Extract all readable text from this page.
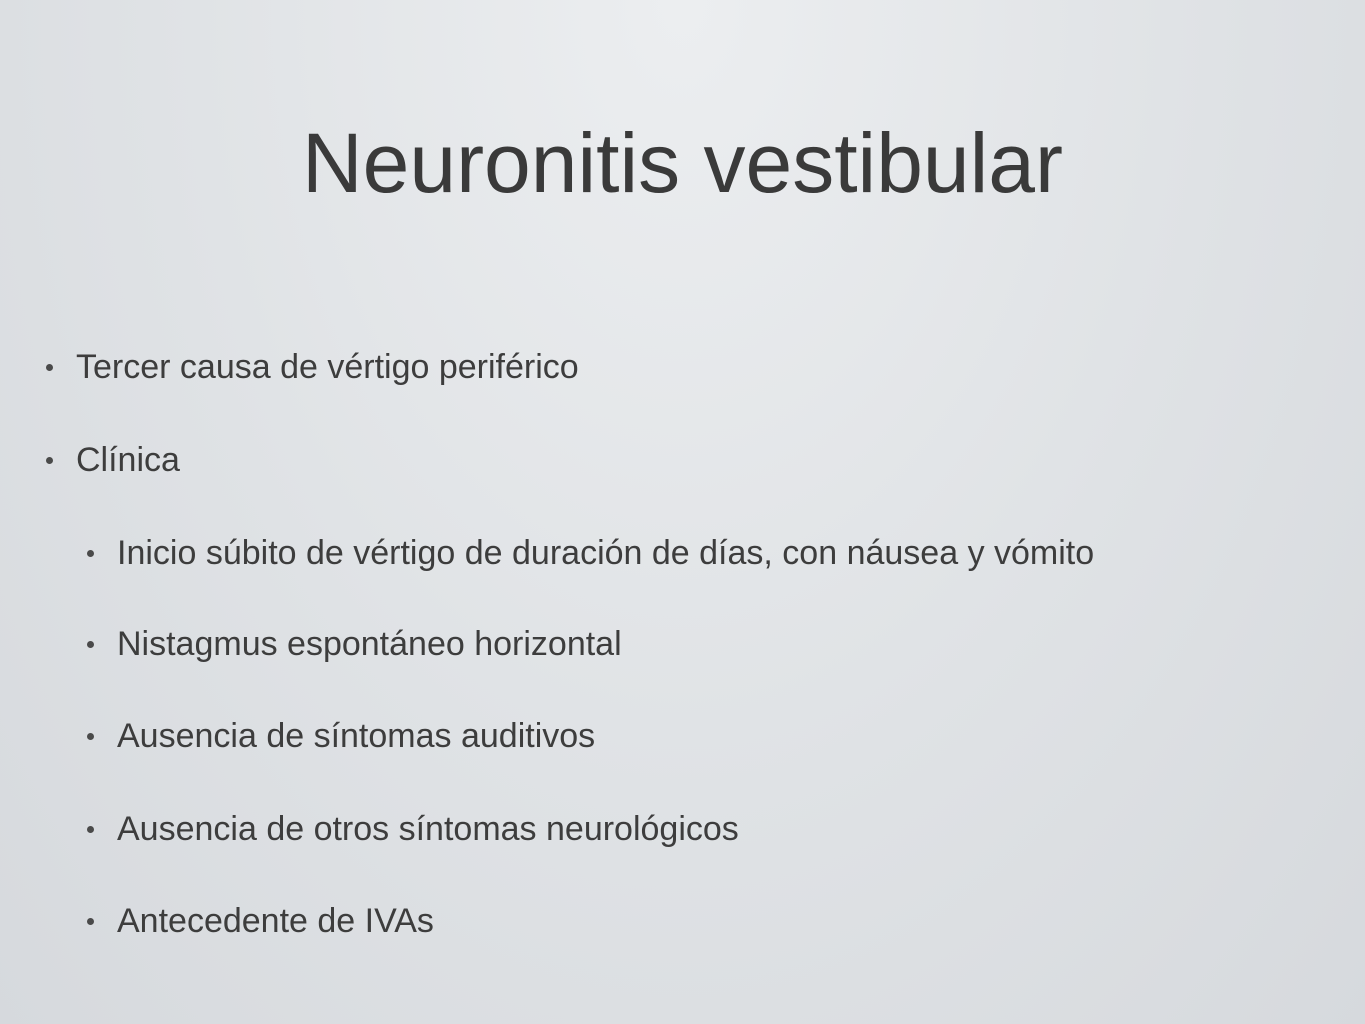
Neuronitis vestibular
Tercer causa de vértigo periférico
Clínica
Inicio súbito de vértigo de duración de días, con náusea y vómito
Nistagmus espontáneo horizontal
Ausencia de síntomas auditivos
Ausencia de otros síntomas neurológicos
Antecedente de IVAs
